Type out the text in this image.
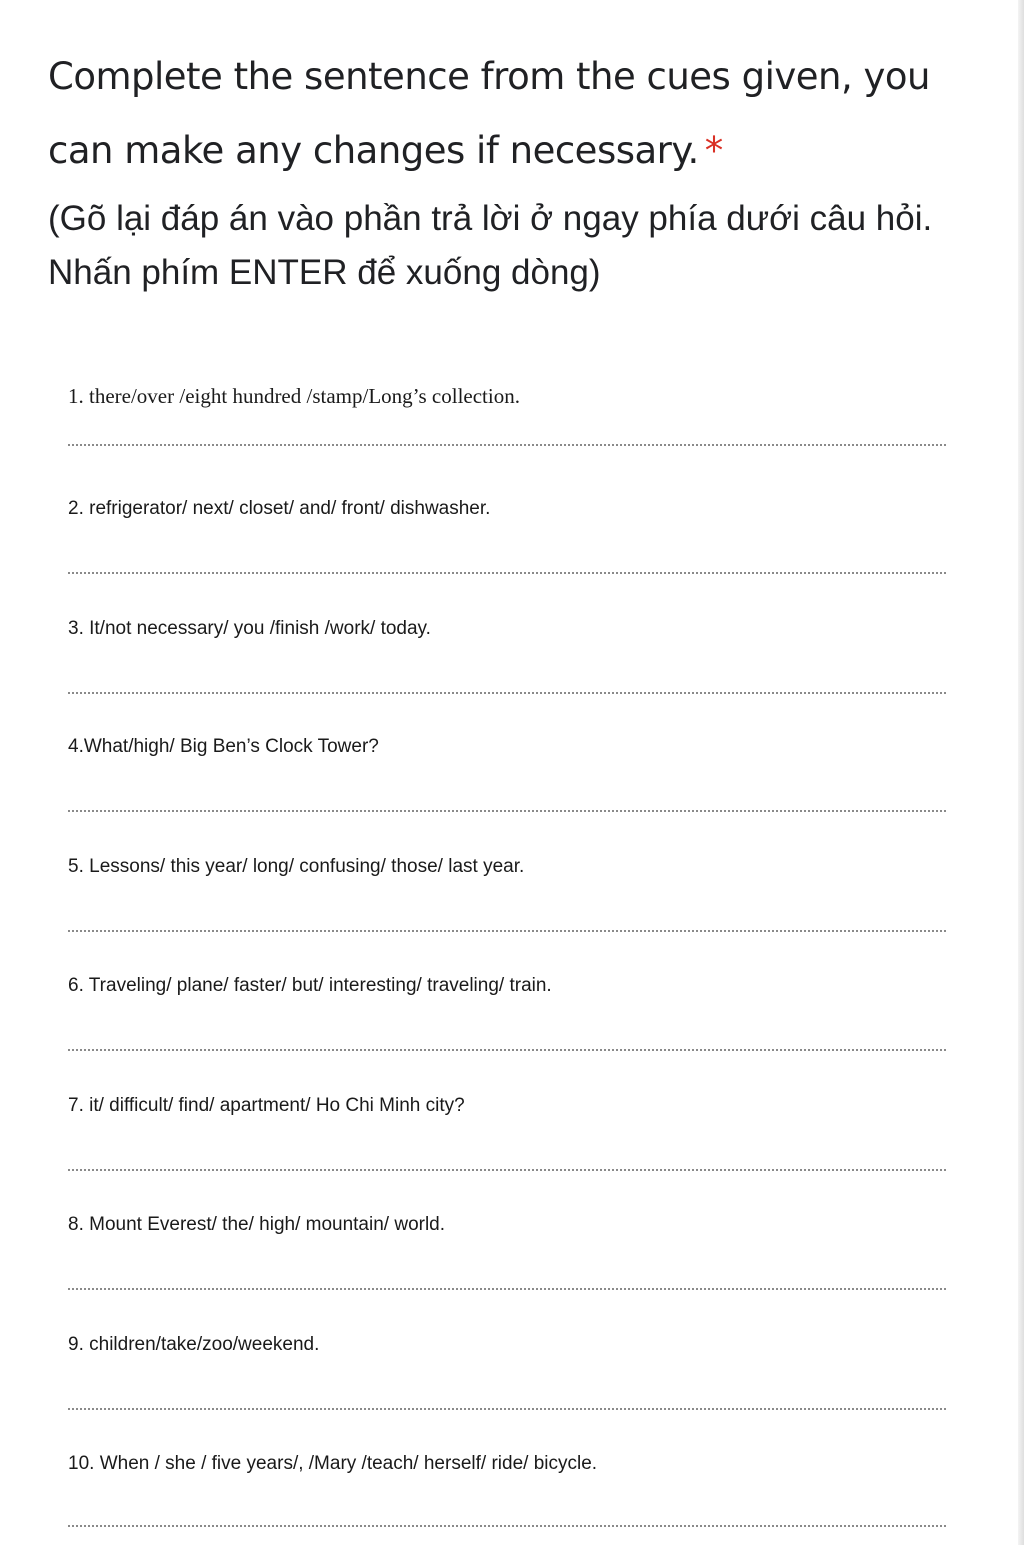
Complete the sentence from the cues given, you can make any changes if necessary. *
(Gõ lại đáp án vào phần trả lời ở ngay phía dưới câu hỏi. Nhấn phím ENTER để xuống dòng)
1. there/over /eight hundred /stamp/Long’s collection.
2. refrigerator/ next/ closet/ and/ front/ dishwasher.
3. It/not necessary/ you /finish /work/ today.
4.What/high/ Big Ben’s Clock Tower?
5. Lessons/ this year/ long/ confusing/ those/ last year.
6. Traveling/ plane/ faster/ but/ interesting/ traveling/ train.
7. it/ difficult/ find/ apartment/ Ho Chi Minh city?
8. Mount Everest/ the/ high/ mountain/ world.
9. children/take/zoo/weekend.
10. When / she / five years/, /Mary /teach/ herself/ ride/ bicycle.
